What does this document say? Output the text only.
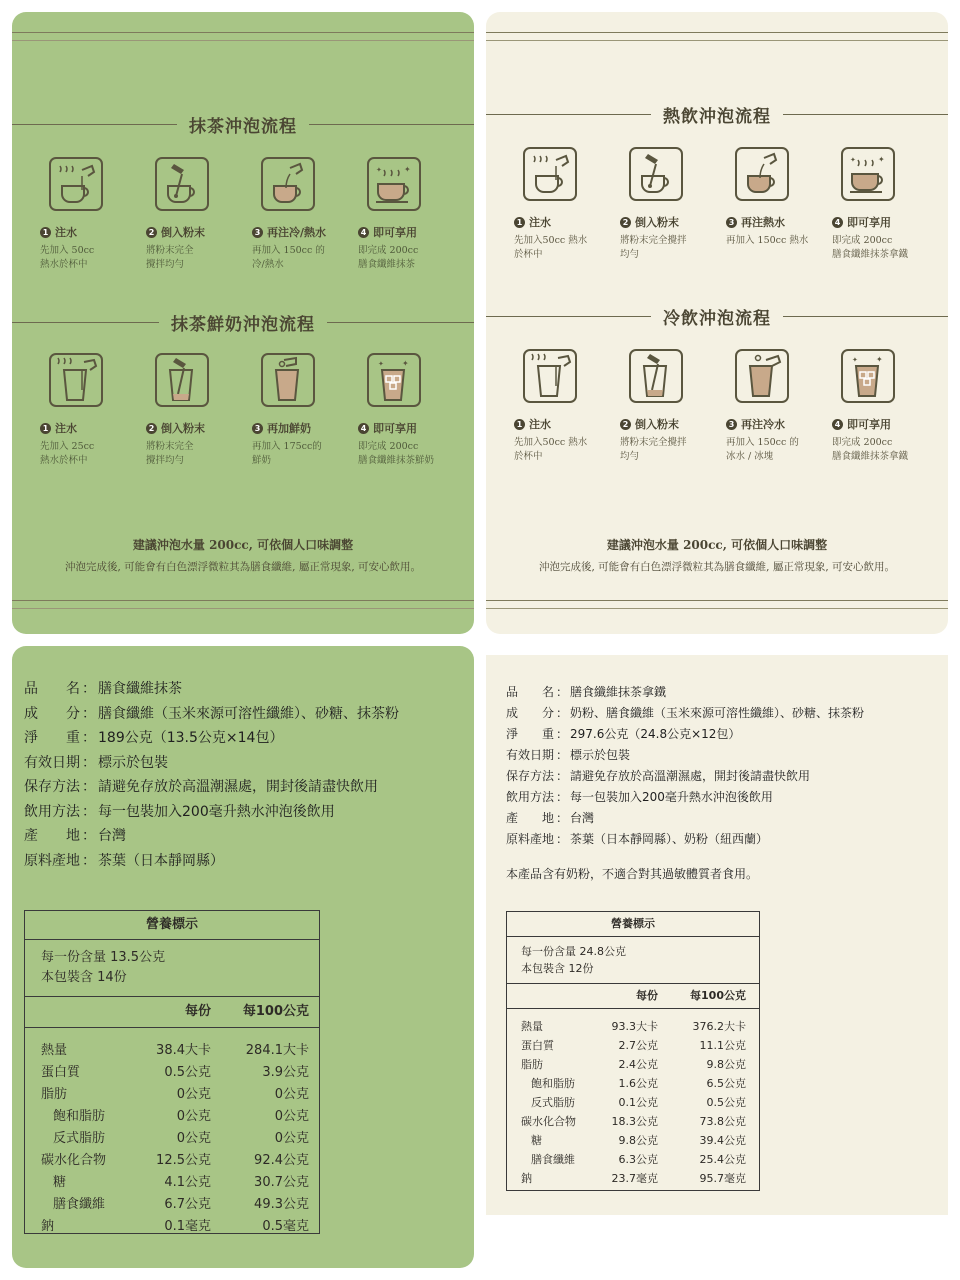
抹茶沖泡流程
1 注水
先加入 50cc
熱水於杯中
2 倒入粉末
將粉末完全
攪拌均勻
3 再注冷/熱水
再加入 150cc 的
冷/熱水
✦
✦
4 即可享用
即完成 200cc
膳食纖維抹茶
抹茶鮮奶沖泡流程
1 注水
先加入 25cc
熱水於杯中
2 倒入粉末
將粉末完全
攪拌均勻
3 再加鮮奶
再加入 175cc的
鮮奶
✦
✦
4 即可享用
即完成 200cc
膳食纖維抹茶鮮奶
建議沖泡水量 200cc, 可依個人口味調整
沖泡完成後, 可能會有白色漂浮微粒其為膳食纖維, 屬正常現象, 可安心飲用。
熱飲沖泡流程
1 注水
先加入50cc 熱水
於杯中
2 倒入粉末
將粉末完全攪拌
均勻
3 再注熱水
再加入 150cc 熱水
✦
✦
4 即可享用
即完成 200cc
膳食纖維抹茶拿鐵
冷飲沖泡流程
1 注水
先加入50cc 熱水
於杯中
2 倒入粉末
將粉末完全攪拌
均勻
3 再注冷水
再加入 150cc 的
冰水 / 冰塊
✦
✦
4 即可享用
即完成 200cc
膳食纖維抹茶拿鐵
建議沖泡水量 200cc, 可依個人口味調整
沖泡完成後, 可能會有白色漂浮微粒其為膳食纖維, 屬正常現象, 可安心飲用。
品　　名 ： 膳食纖維抹茶
成　　分 ： 膳食纖維（玉米來源可溶性纖維）、砂糖、抹茶粉
淨　　重 ： 189公克（13.5公克×14包）
有效日期 ： 標示於包裝
保存方法 ： 請避免存放於高溫潮濕處，開封後請盡快飲用
飲用方法 ： 每一包裝加入200毫升熱水沖泡後飲用
產　　地 ： 台灣
原料產地 ： 茶葉（日本靜岡縣）
營養標示
每一份含量 13.5公克
本包裝含 14份
每份	每100公克
熱量	38.4大卡	284.1大卡
蛋白質	0.5公克	3.9公克
脂肪	0公克	0公克
飽和脂肪	0公克	0公克
反式脂肪	0公克	0公克
碳水化合物	12.5公克	92.4公克
糖	4.1公克	30.7公克
膳食纖維	6.7公克	49.3公克
鈉	0.1毫克	0.5毫克
品　　名 ： 膳食纖維抹茶拿鐵
成　　分 ： 奶粉、膳食纖維（玉米來源可溶性纖維）、砂糖、抹茶粉
淨　　重 ： 297.6公克（24.8公克×12包）
有效日期 ： 標示於包裝
保存方法 ： 請避免存放於高溫潮濕處，開封後請盡快飲用
飲用方法 ： 每一包裝加入200毫升熱水沖泡後飲用
產　　地 ： 台灣
原料產地 ： 茶葉（日本靜岡縣）、奶粉（紐西蘭）
本產品含有奶粉，不適合對其過敏體質者食用。
營養標示
每一份含量 24.8公克
本包裝含 12份
每份	每100公克
熱量	93.3大卡	376.2大卡
蛋白質	2.7公克	11.1公克
脂肪	2.4公克	9.8公克
飽和脂肪	1.6公克	6.5公克
反式脂肪	0.1公克	0.5公克
碳水化合物	18.3公克	73.8公克
糖	9.8公克	39.4公克
膳食纖維	6.3公克	25.4公克
鈉	23.7毫克	95.7毫克
